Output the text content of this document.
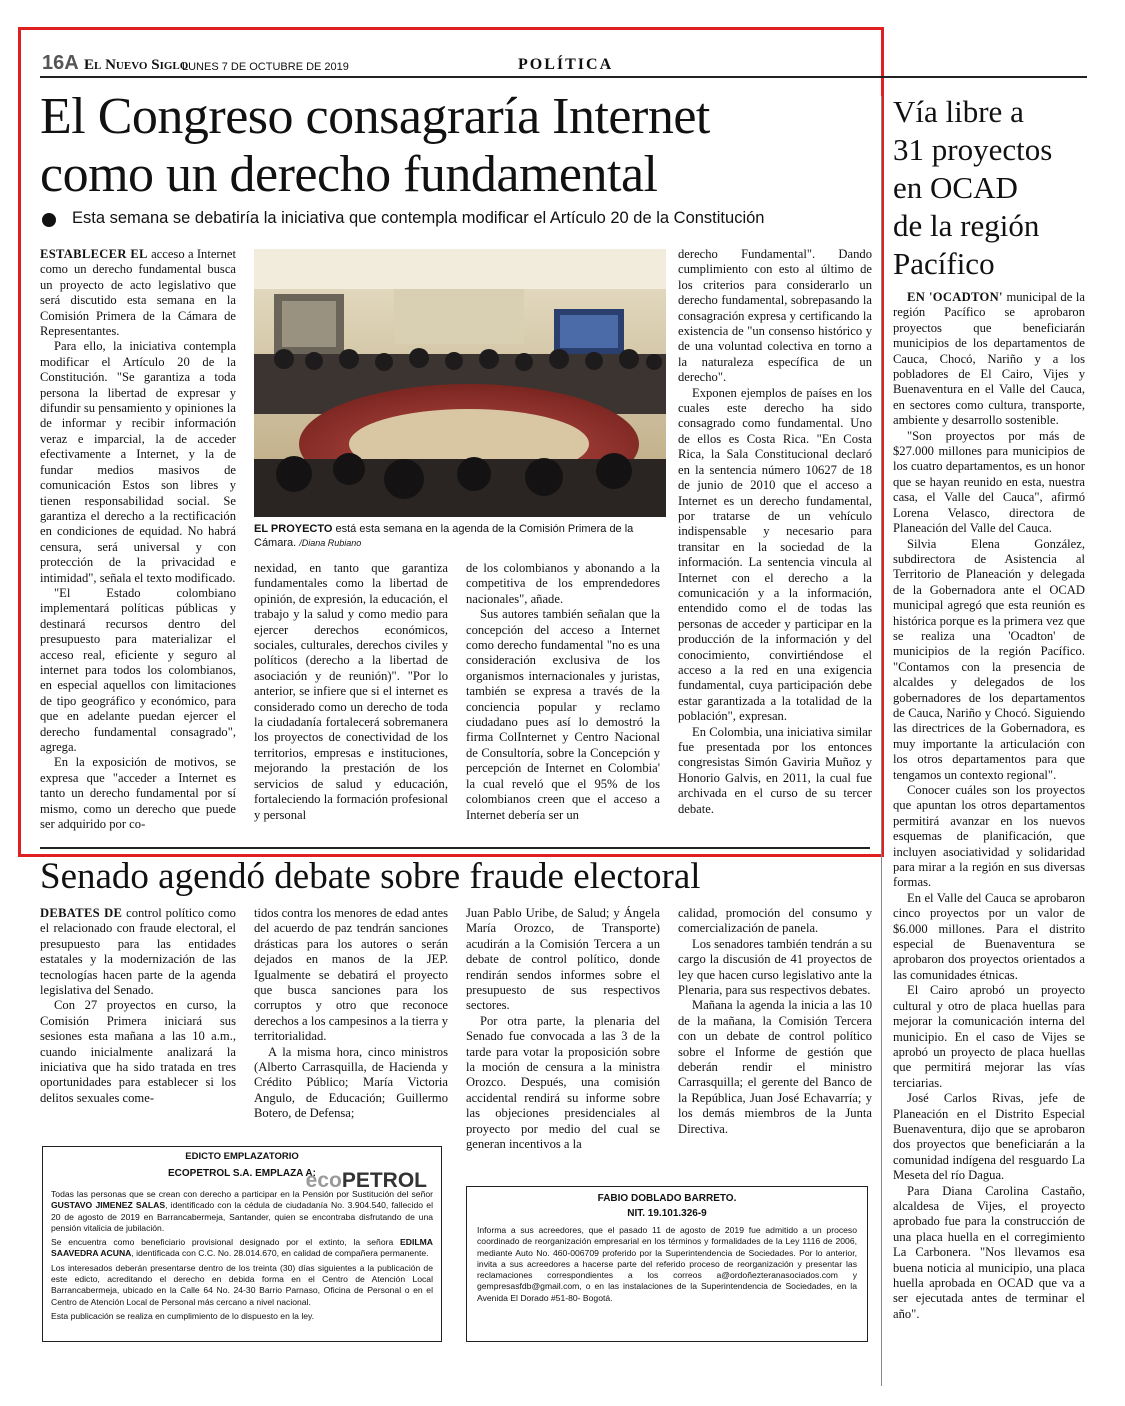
16A El Nuevo Siglo
LUNES 7 DE OCTUBRE DE 2019	POLÍTICA
El Congreso consagraría Internet
como un derecho fundamental
Esta semana se debatiría la iniciativa que contempla modificar el Artículo 20 de la Constitución

ESTABLECER EL acceso a Internet como un derecho fundamental busca un proyecto de acto legislativo que será discutido esta semana en la Comisión Primera de la Cámara de Representantes.

Para ello, la iniciativa contempla modificar el Artículo 20 de la Constitución. "Se garantiza a toda persona la libertad de expresar y difundir su pensamiento y opiniones la de informar y recibir información veraz e imparcial, la de acceder efectivamente a Internet, y la de fundar medios masivos de comunicación Estos son libres y tienen responsabilidad social. Se garantiza el derecho a la rectificación en condiciones de equidad. No habrá censura, será universal y con protección de la privacidad e intimidad", señala el texto modificado.

"El Estado colombiano implementará políticas públicas y destinará recursos dentro del presupuesto para materializar el acceso real, eficiente y seguro al internet para todos los colombianos, en especial aquellos con limitaciones de tipo geográfico y económico, para que en adelante puedan ejercer el derecho fundamental consagrado", agrega.

En la exposición de motivos, se expresa que "acceder a Internet es tanto un derecho fundamental por sí mismo, como un derecho que puede ser adquirido por co-

EL PROYECTO está esta semana en la agenda de la Comisión Primera de la Cámara. /Diana Rubiano

nexidad, en tanto que garantiza fundamentales como la libertad de opinión, de expresión, la educación, el trabajo y la salud y como medio para ejercer derechos económicos, sociales, culturales, derechos civiles y políticos (derecho a la libertad de asociación y de reunión)". "Por lo anterior, se infiere que si el internet es considerado como un derecho de toda la ciudadanía fortalecerá sobremanera los proyectos de conectividad de los territorios, empresas e instituciones, mejorando la prestación de los servicios de salud y educación, fortaleciendo la formación profesional y personal

de los colombianos y abonando a la competitiva de los emprendedores nacionales", añade.

Sus autores también señalan que la concepción del acceso a Internet como derecho fundamental "no es una consideración exclusiva de los organismos internacionales y juristas, también se expresa a través de la conciencia popular y reclamo ciudadano pues así lo demostró la firma ColInternet y Centro Nacional de Consultoría, sobre la Concepción y percepción de Internet en Colombia' la cual reveló que el 95% de los colombianos creen que el acceso a Internet debería ser un

derecho Fundamental". Dando cumplimiento con esto al último de los criterios para considerarlo un derecho fundamental, sobrepasando la consagración expresa y certificando la existencia de "un consenso histórico y de una voluntad colectiva en torno a la naturaleza específica de un derecho".

Exponen ejemplos de países en los cuales este derecho ha sido consagrado como fundamental. Uno de ellos es Costa Rica. "En Costa Rica, la Sala Constitucional declaró en la sentencia número 10627 de 18 de junio de 2010 que el acceso a Internet es un derecho fundamental, por tratarse de un vehículo indispensable y necesario para transitar en la sociedad de la información. La sentencia vincula al Internet con el derecho a la comunicación y a la información, entendido como el de todas las personas de acceder y participar en la producción de la información y del conocimiento, convirtiéndose el acceso a la red en una exigencia fundamental, cuya participación debe estar garantizada a la totalidad de la población", expresan.

En Colombia, una iniciativa similar fue presentada por los entonces congresistas Simón Gaviria Muñoz y Honorio Galvis, en 2011, la cual fue archivada en el curso de su tercer debate.

Senado agendó debate sobre fraude electoral

DEBATES DE control político como el relacionado con fraude electoral, el presupuesto para las entidades estatales y la modernización de las tecnologías hacen parte de la agenda legislativa del Senado.

Con 27 proyectos en curso, la Comisión Primera iniciará sus sesiones esta mañana a las 10 a.m., cuando inicialmente analizará la iniciativa que ha sido tratada en tres oportunidades para establecer si los delitos sexuales come-

tidos contra los menores de edad antes del acuerdo de paz tendrán sanciones drásticas para los autores o serán dejados en manos de la JEP. Igualmente se debatirá el proyecto que busca sanciones para los corruptos y otro que reconoce derechos a los campesinos a la tierra y territorialidad.

A la misma hora, cinco ministros (Alberto Carrasquilla, de Hacienda y Crédito Público; María Victoria Angulo, de Educación; Guillermo Botero, de Defensa;

Juan Pablo Uribe, de Salud; y Ángela María Orozco, de Transporte) acudirán a la Comisión Tercera a un debate de control político, donde rendirán sendos informes sobre el presupuesto de sus respectivos sectores.

Por otra parte, la plenaria del Senado fue convocada a las 3 de la tarde para votar la proposición sobre la moción de censura a la ministra Orozco. Después, una comisión accidental rendirá su informe sobre las objeciones presidenciales al proyecto por medio del cual se generan incentivos a la

calidad, promoción del consumo y comercialización de panela.

Los senadores también tendrán a su cargo la discusión de 41 proyectos de ley que hacen curso legislativo ante la Plenaria, para sus respectivos debates.

Mañana la agenda la inicia a las 10 de la mañana, la Comisión Tercera con un debate de control político sobre el Informe de gestión que deberán rendir el ministro Carrasquilla; el gerente del Banco de la República, Juan José Echavarría; y los demás miembros de la Junta Directiva.

Vía libre a
31 proyectos
en OCAD
de la región
Pacífico

EN 'OCADTON' municipal de la región Pacífico se aprobaron proyectos que beneficiarán municipios de los departamentos de Cauca, Chocó, Nariño y a los pobladores de El Cairo, Vijes y Buenaventura en el Valle del Cauca, en sectores como cultura, transporte, ambiente y desarrollo sostenible.

"Son proyectos por más de $27.000 millones para municipios de los cuatro departamentos, es un honor que se hayan reunido en esta, nuestra casa, el Valle del Cauca", afirmó Lorena Velasco, directora de Planeación del Valle del Cauca.

Silvia Elena González, subdirectora de Asistencia al Territorio de Planeación y delegada de la Gobernadora ante el OCAD municipal agregó que esta reunión es histórica porque es la primera vez que se realiza una 'Ocadton' de municipios de la región Pacífico. "Contamos con la presencia de alcaldes y delegados de los gobernadores de los departamentos de Cauca, Nariño y Chocó. Siguiendo las directrices de la Gobernadora, es muy importante la articulación con los otros departamentos para que tengamos un contexto regional".

Conocer cuáles son los proyectos que apuntan los otros departamentos permitirá avanzar en los nuevos esquemas de planificación, que incluyen asociatividad y solidaridad para mirar a la región en sus diversas formas.

En el Valle del Cauca se aprobaron cinco proyectos por un valor de $6.000 millones. Para el distrito especial de Buenaventura se aprobaron dos proyectos orientados a las comunidades étnicas.

El Cairo aprobó un proyecto cultural y otro de placa huellas para mejorar la comunicación interna del municipio. En el caso de Vijes se aprobó un proyecto de placa huellas que permitirá mejorar las vías terciarias.

José Carlos Rivas, jefe de Planeación en el Distrito Especial Buenaventura, dijo que se aprobaron dos proyectos que beneficiarán a la comunidad indígena del resguardo La Meseta del río Dagua.

Para Diana Carolina Castaño, alcaldesa de Vijes, el proyecto aprobado fue para la construcción de una placa huella en el corregimiento La Carbonera. "Nos llevamos esa buena noticia al municipio, una placa huella aprobada en OCAD que va a ser ejecutada antes de terminar el año".

EDICTO EMPLAZATORIO
ECOPETROL S.A. EMPLAZA A:
ecoPETROL

Todas las personas que se crean con derecho a participar en la Pensión por Sustitución del señor GUSTAVO JIMENEZ SALAS, identificado con la cédula de ciudadanía No. 3.904.540, fallecido el 20 de agosto de 2019 en Barrancabermeja, Santander, quien se encontraba disfrutando de una pensión vitalicia de jubilación.

Se encuentra como beneficiario provisional designado por el extinto, la señora EDILMA SAAVEDRA ACUNA, identificada con C.C. No. 28.014.670, en calidad de compañera permanente.

Los interesados deberán presentarse dentro de los treinta (30) días siguientes a la publicación de este edicto, acreditando el derecho en debida forma en el Centro de Atención Local Barrancabermeja, ubicado en la Calle 64 No. 24-30 Barrio Parnaso, Oficina de Personal o en el Centro de Atención Local de Personal más cercano a nivel nacional.

Esta publicación se realiza en cumplimiento de lo dispuesto en la ley.

FABIO DOBLADO BARRETO.
NIT. 19.101.326-9

Informa a sus acreedores, que el pasado 11 de agosto de 2019 fue admitido a un proceso coordinado de reorganización empresarial en los términos y formalidades de la Ley 1116 de 2006, mediante Auto No. 460-006709 proferido por la Superintendencia de Sociedades. Por lo anterior, invita a sus acreedores a hacerse parte del referido proceso de reorganización y presentar las reclamaciones correspondientes a los correos a@ordoñezteranasociados.com y gempresasfdb@gmail.com, o en las instalaciones de la Superintendencia de Sociedades, en la Avenida El Dorado #51-80- Bogotá.
